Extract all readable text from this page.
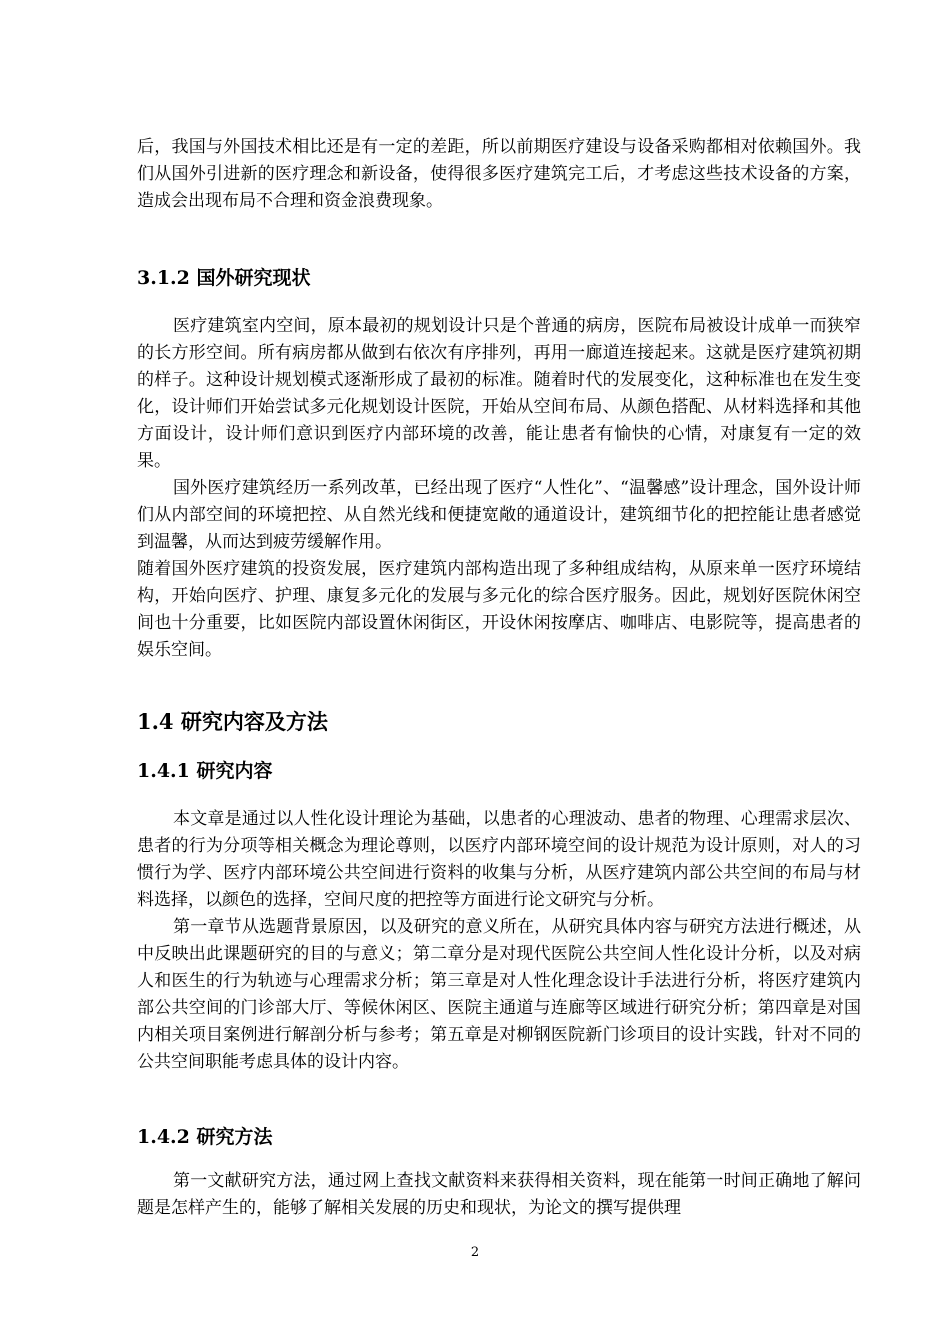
后，我国与外国技术相比还是有一定的差距，所以前期医疗建设与设备采购都相对依赖国外。我们从国外引进新的医疗理念和新设备，使得很多医疗建筑完工后，才考虑这些技术设备的方案，造成会出现布局不合理和资金浪费现象。

3.1.2 国外研究现状

医疗建筑室内空间，原本最初的规划设计只是个普通的病房，医院布局被设计成单一而狭窄的长方形空间。所有病房都从做到右依次有序排列，再用一廊道连接起来。这就是医疗建筑初期的样子。这种设计规划模式逐渐形成了最初的标准。随着时代的发展变化，这种标准也在发生变化，设计师们开始尝试多元化规划设计医院，开始从空间布局、从颜色搭配、从材料选择和其他方面设计，设计师们意识到医疗内部环境的改善，能让患者有愉快的心情，对康复有一定的效果。

国外医疗建筑经历一系列改革，已经出现了医疗“人性化”、“温馨感”设计理念，国外设计师们从内部空间的环境把控、从自然光线和便捷宽敞的通道设计，建筑细节化的把控能让患者感觉到温馨，从而达到疲劳缓解作用。

随着国外医疗建筑的投资发展，医疗建筑内部构造出现了多种组成结构，从原来单一医疗环境结构，开始向医疗、护理、康复多元化的发展与多元化的综合医疗服务。因此，规划好医院休闲空间也十分重要，比如医院内部设置休闲街区，开设休闲按摩店、咖啡店、电影院等，提高患者的娱乐空间。

1.4 研究内容及方法
1.4.1 研究内容

本文章是通过以人性化设计理论为基础，以患者的心理波动、患者的物理、心理需求层次、患者的行为分项等相关概念为理论尊则，以医疗内部环境空间的设计规范为设计原则，对人的习惯行为学、医疗内部环境公共空间进行资料的收集与分析，从医疗建筑内部公共空间的布局与材料选择，以颜色的选择，空间尺度的把控等方面进行论文研究与分析。

第一章节从选题背景原因，以及研究的意义所在，从研究具体内容与研究方法进行概述，从中反映出此课题研究的目的与意义；第二章分是对现代医院公共空间人性化设计分析，以及对病人和医生的行为轨迹与心理需求分析；第三章是对人性化理念设计手法进行分析，将医疗建筑内部公共空间的门诊部大厅、等候休闲区、医院主通道与连廊等区域进行研究分析；第四章是对国内相关项目案例进行解剖分析与参考；第五章是对柳钢医院新门诊项目的设计实践，针对不同的公共空间职能考虑具体的设计内容。

1.4.2 研究方法

第一文献研究方法，通过网上查找文献资料来获得相关资料，现在能第一时间正确地了解问题是怎样产生的，能够了解相关发展的历史和现状，为论文的撰写提供理

2
